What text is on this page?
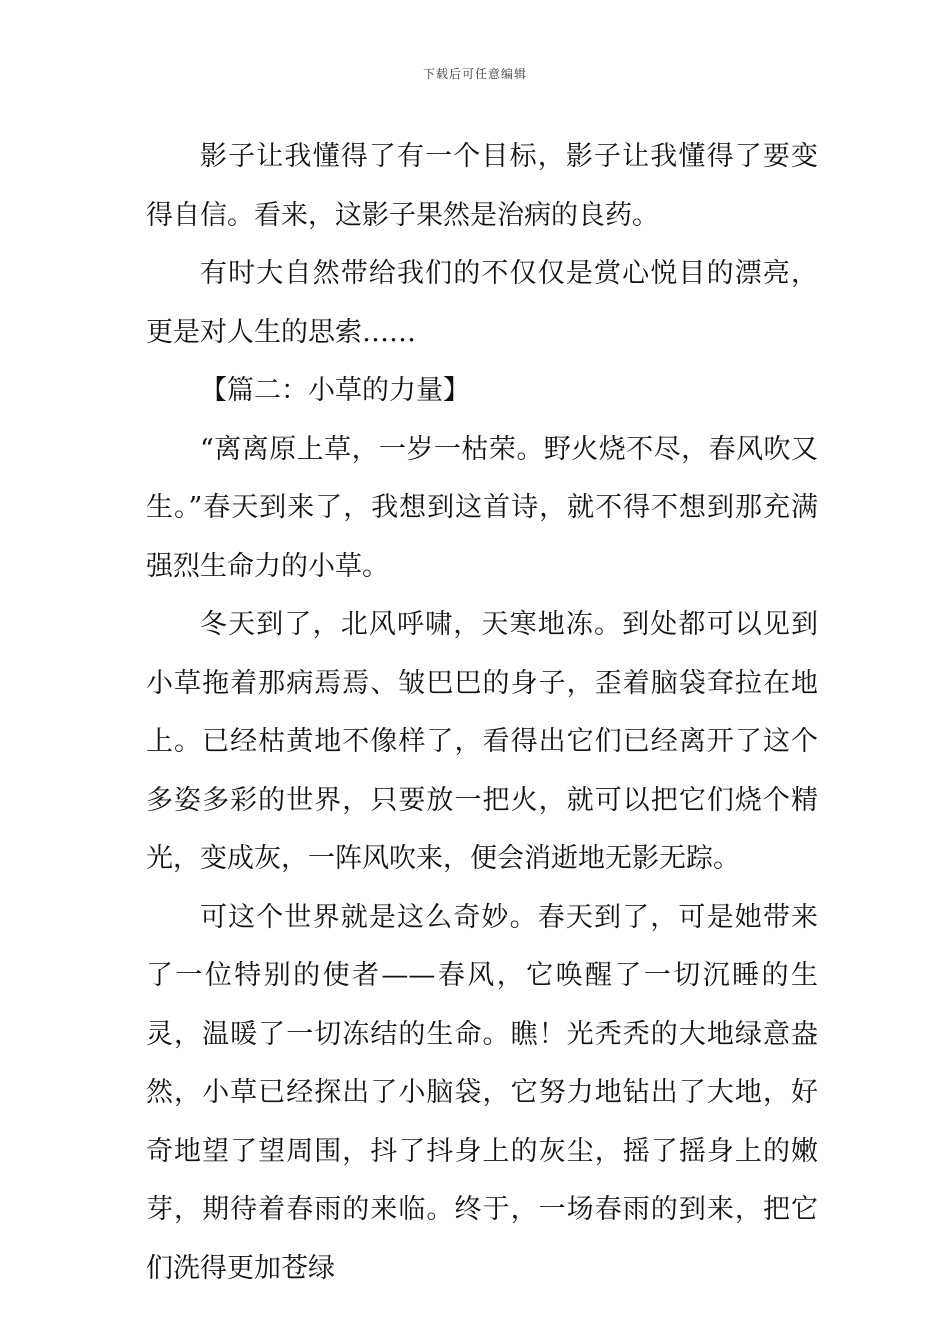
下载后可任意编辑

影子让我懂得了有一个目标，影子让我懂得了要变得自信。看来，这影子果然是治病的良药。

有时大自然带给我们的不仅仅是赏心悦目的漂亮，更是对人生的思索……

【篇二：小草的力量】

“离离原上草，一岁一枯荣。野火烧不尽，春风吹又生。”春天到来了，我想到这首诗，就不得不想到那充满强烈生命力的小草。

冬天到了，北风呼啸，天寒地冻。到处都可以见到小草拖着那病焉焉、皱巴巴的身子，歪着脑袋耷拉在地上。已经枯黄地不像样了，看得出它们已经离开了这个多姿多彩的世界，只要放一把火，就可以把它们烧个精光，变成灰，一阵风吹来，便会消逝地无影无踪。

可这个世界就是这么奇妙。春天到了，可是她带来了一位特别的使者——春风，它唤醒了一切沉睡的生灵，温暖了一切冻结的生命。瞧！光秃秃的大地绿意盎然，小草已经探出了小脑袋，它努力地钻出了大地，好奇地望了望周围，抖了抖身上的灰尘，摇了摇身上的嫩芽，期待着春雨的来临。终于，一场春雨的到来，把它们洗得更加苍绿
